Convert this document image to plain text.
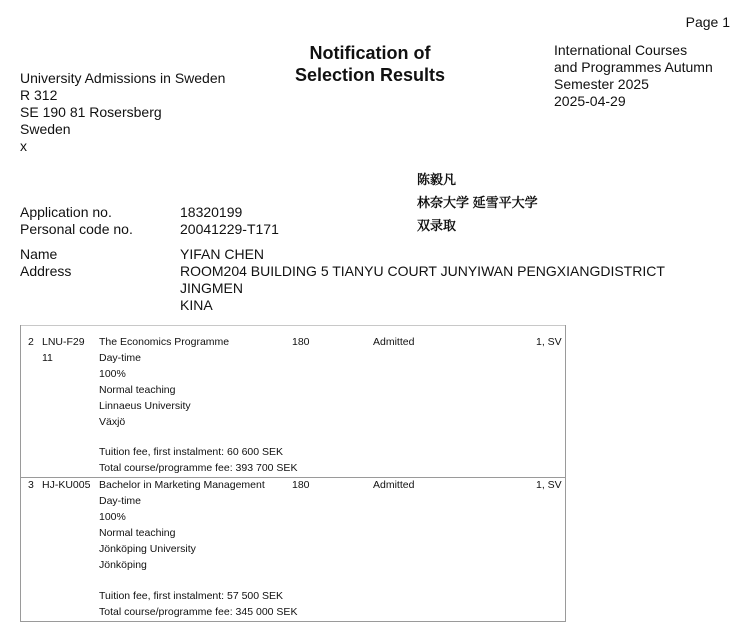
Page 1
Notification of
Selection Results
University Admissions in Sweden
R 312
SE 190 81 Rosersberg
Sweden
x
International Courses
and Programmes Autumn
Semester 2025
2025-04-29
陈毅凡
林奈大学 延雪平大学
双录取
Application no.	18320199
Personal code no.	20041229-T171
Name	YIFAN CHEN
Address	ROOM204 BUILDING 5 TIANYU COURT JUNYIWAN PENGXIANGDISTRICT
JINGMEN
KINA
2 LNU-F29
11
The Economics Programme	180	Admitted	1, SV
Day-time
100%
Normal teaching
Linnaeus University
Växjö
Tuition fee, first instalment: 60 600 SEK
Total course/programme fee: 393 700 SEK
3 HJ-KU005 Bachelor in Marketing Management	180	Admitted	1, SV
Day-time
100%
Normal teaching
Jönköping University
Jönköping
Tuition fee, first instalment: 57 500 SEK
Total course/programme fee: 345 000 SEK
